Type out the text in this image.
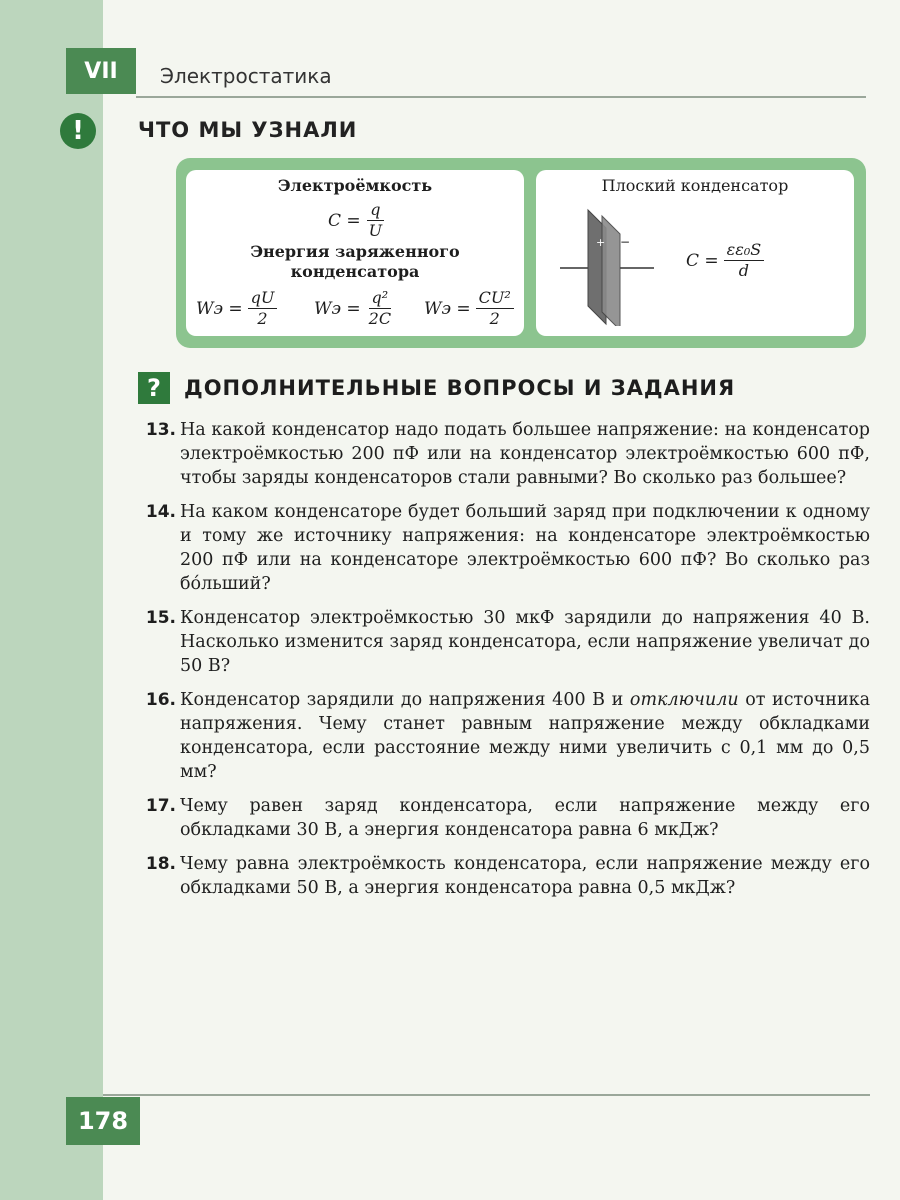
VII	Электростатика
!	ЧТО МЫ УЗНАЛИ
Электроёмкость
$C = \frac{q}{U}$
Энергия заряженного
конденсатора
Wэ = $\frac{qU}{2}$ Wэ = $\frac{\text{q²}}{2C}$ Wэ = $\frac{\text{CU²}}{2}$
Плоский конденсатор
+ −
$C = \frac{\text{εε₀S}}{d}$
?	ДОПОЛНИТЕЛЬНЫЕ ВОПРОСЫ И ЗАДАНИЯ
13. На какой конденсатор надо подать большее напряжение: на конденсатор электроёмкостью 200 пФ или на конденсатор электроёмкостью 600 пФ, чтобы заряды конденсаторов стали равными? Во сколько раз большее?
14. На каком конденсаторе будет больший заряд при подключении к одному и тому же источнику напряжения: на конденсаторе электроёмкостью 200 пФ или на конденсаторе электроёмкостью 600 пФ? Во сколько раз бóльший?
15. Конденсатор электроёмкостью 30 мкФ зарядили до напряжения 40 В. Насколько изменится заряд конденсатора, если напряжение увеличат до 50 В?
16. Конденсатор зарядили до напряжения 400 В и отключили от источника напряжения. Чему станет равным напряжение между обкладками конденсатора, если расстояние между ними увеличить с 0,1 мм до 0,5 мм?
17. Чему равен заряд конденсатора, если напряжение между его обкладками 30 В, а энергия конденсатора равна 6 мкДж?
18. Чему равна электроёмкость конденсатора, если напряжение между его обкладками 50 В, а энергия конденсатора равна 0,5 мкДж?
178
